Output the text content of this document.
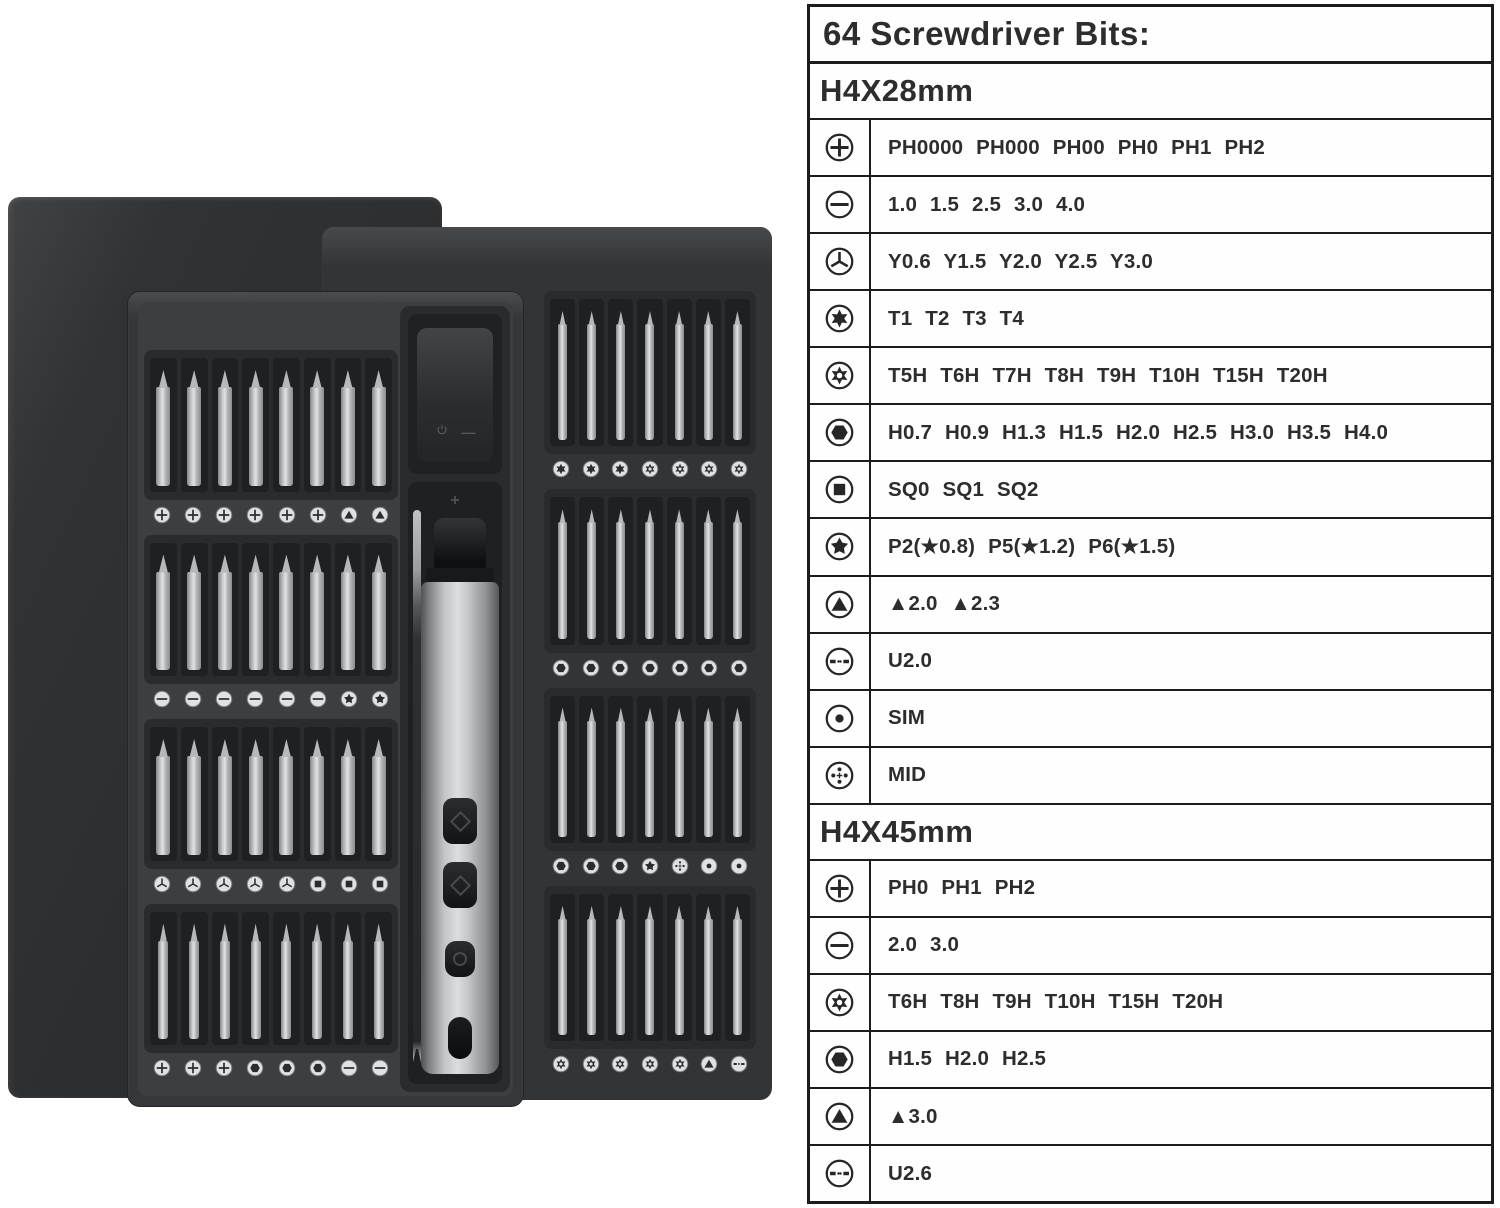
—
+
64 Screwdriver Bits:
H4X28mm
PH0000 PH000 PH00 PH0 PH1 PH2
1.0 1.5 2.5 3.0 4.0
Y0.6 Y1.5 Y2.0 Y2.5 Y3.0
T1 T2 T3 T4
T5H T6H T7H T8H T9H T10H T15H T20H
H0.7 H0.9 H1.3 H1.5 H2.0 H2.5 H3.0 H3.5 H4.0
SQ0 SQ1 SQ2
P2(★0.8) P5(★1.2) P6(★1.5)
▲2.0 ▲2.3
U2.0
SIM
MID
H4X45mm
PH0 PH1 PH2
2.0 3.0
T6H T8H T9H T10H T15H T20H
H1.5 H2.0 H2.5
▲3.0
U2.6
